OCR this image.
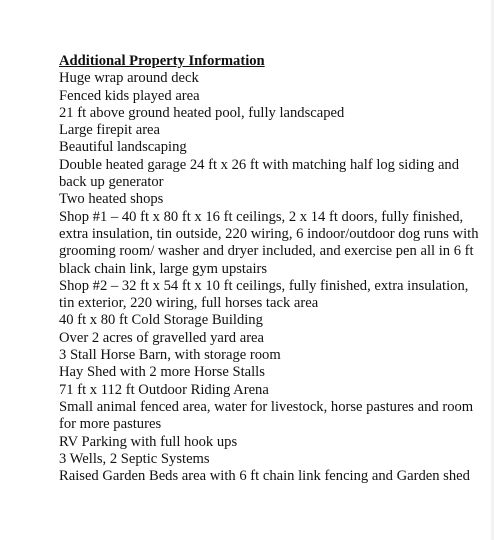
Additional Property Information

Huge wrap around deck
Fenced kids played area
21 ft above ground heated pool, fully landscaped
Large firepit area
Beautiful landscaping
Double heated garage 24 ft x 26 ft with matching half log siding and back up generator
Two heated shops
Shop #1 – 40 ft x 80 ft x 16 ft ceilings, 2 x 14 ft doors, fully finished, extra insulation, tin outside, 220 wiring, 6 indoor/outdoor dog runs with grooming room/ washer and dryer included, and exercise pen all in 6 ft black chain link, large gym upstairs
Shop #2 – 32 ft x 54 ft x 10 ft ceilings, fully finished, extra insulation, tin exterior, 220 wiring, full horses tack area
40 ft x 80 ft Cold Storage Building
Over 2 acres of gravelled yard area
3 Stall Horse Barn, with storage room
Hay Shed with 2 more Horse Stalls
71 ft x 112 ft Outdoor Riding Arena
Small animal fenced area, water for livestock, horse pastures and room for more pastures
RV Parking with full hook ups
3 Wells, 2 Septic Systems
Raised Garden Beds area with 6 ft chain link fencing and Garden shed
